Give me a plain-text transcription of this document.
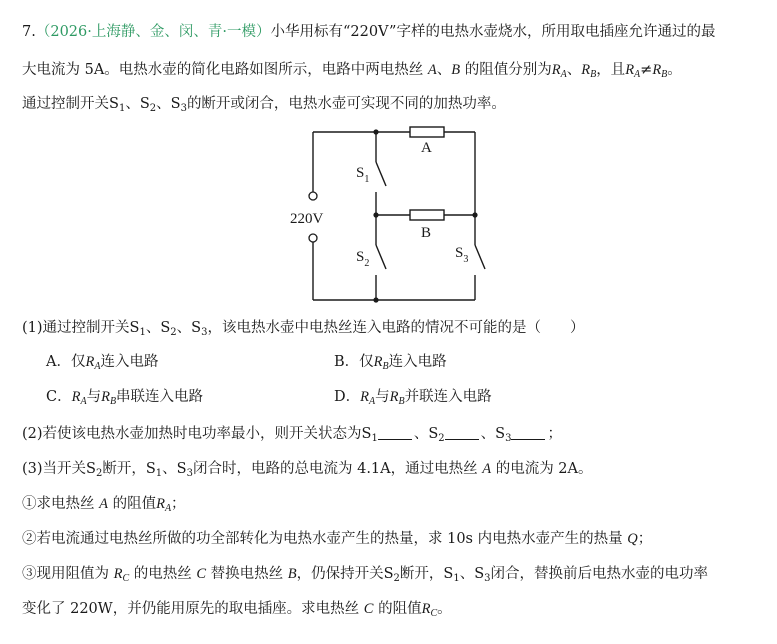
7.（2026·上海静、金、闵、青·一模）小华用标有“220V”字样的电热水壶烧水，所用取电插座允许通过的最
大电流为 5A。电热水壶的简化电路如图所示，电路中两电热丝 A、B 的阻值分别为$R_A$、$R_B$，且$R_A\ne R_B$。
通过控制开关$S_1$、$S_2$、$S_3$的断开或闭合，电热水壶可实现不同的加热功率。
220V
A
B
$S_1$
$S_2$
$S_3$
(1)通过控制开关$S_1$、$S_2$、$S_3$，该电热水壶中电热丝连入电路的情况不可能的是（　　）
A．仅$R_A$连入电路	B．仅$R_B$连入电路
C．$R_A$与$R_B$串联连入电路	D．$R_A$与$R_B$并联连入电路
(2)若使该电热水壶加热时电功率最小，则开关状态为$S_1$ 、$S_2$ 、$S_3$ ；
(3)当开关$S_2$断开，$S_1$、$S_3$闭合时，电路的总电流为 4.1A，通过电热丝 A 的电流为 2A。
①求电热丝 A 的阻值$R_A$；
②若电流通过电热丝所做的功全部转化为电热水壶产生的热量，求 10s 内电热水壶产生的热量 Q；
③现用阻值为 $R_C$ 的电热丝 C 替换电热丝 B，仍保持开关$S_2$断开，$S_1$、$S_3$闭合，替换前后电热水壶的电功率
变化了 220W，并仍能用原先的取电插座。求电热丝 C 的阻值$R_C$。
